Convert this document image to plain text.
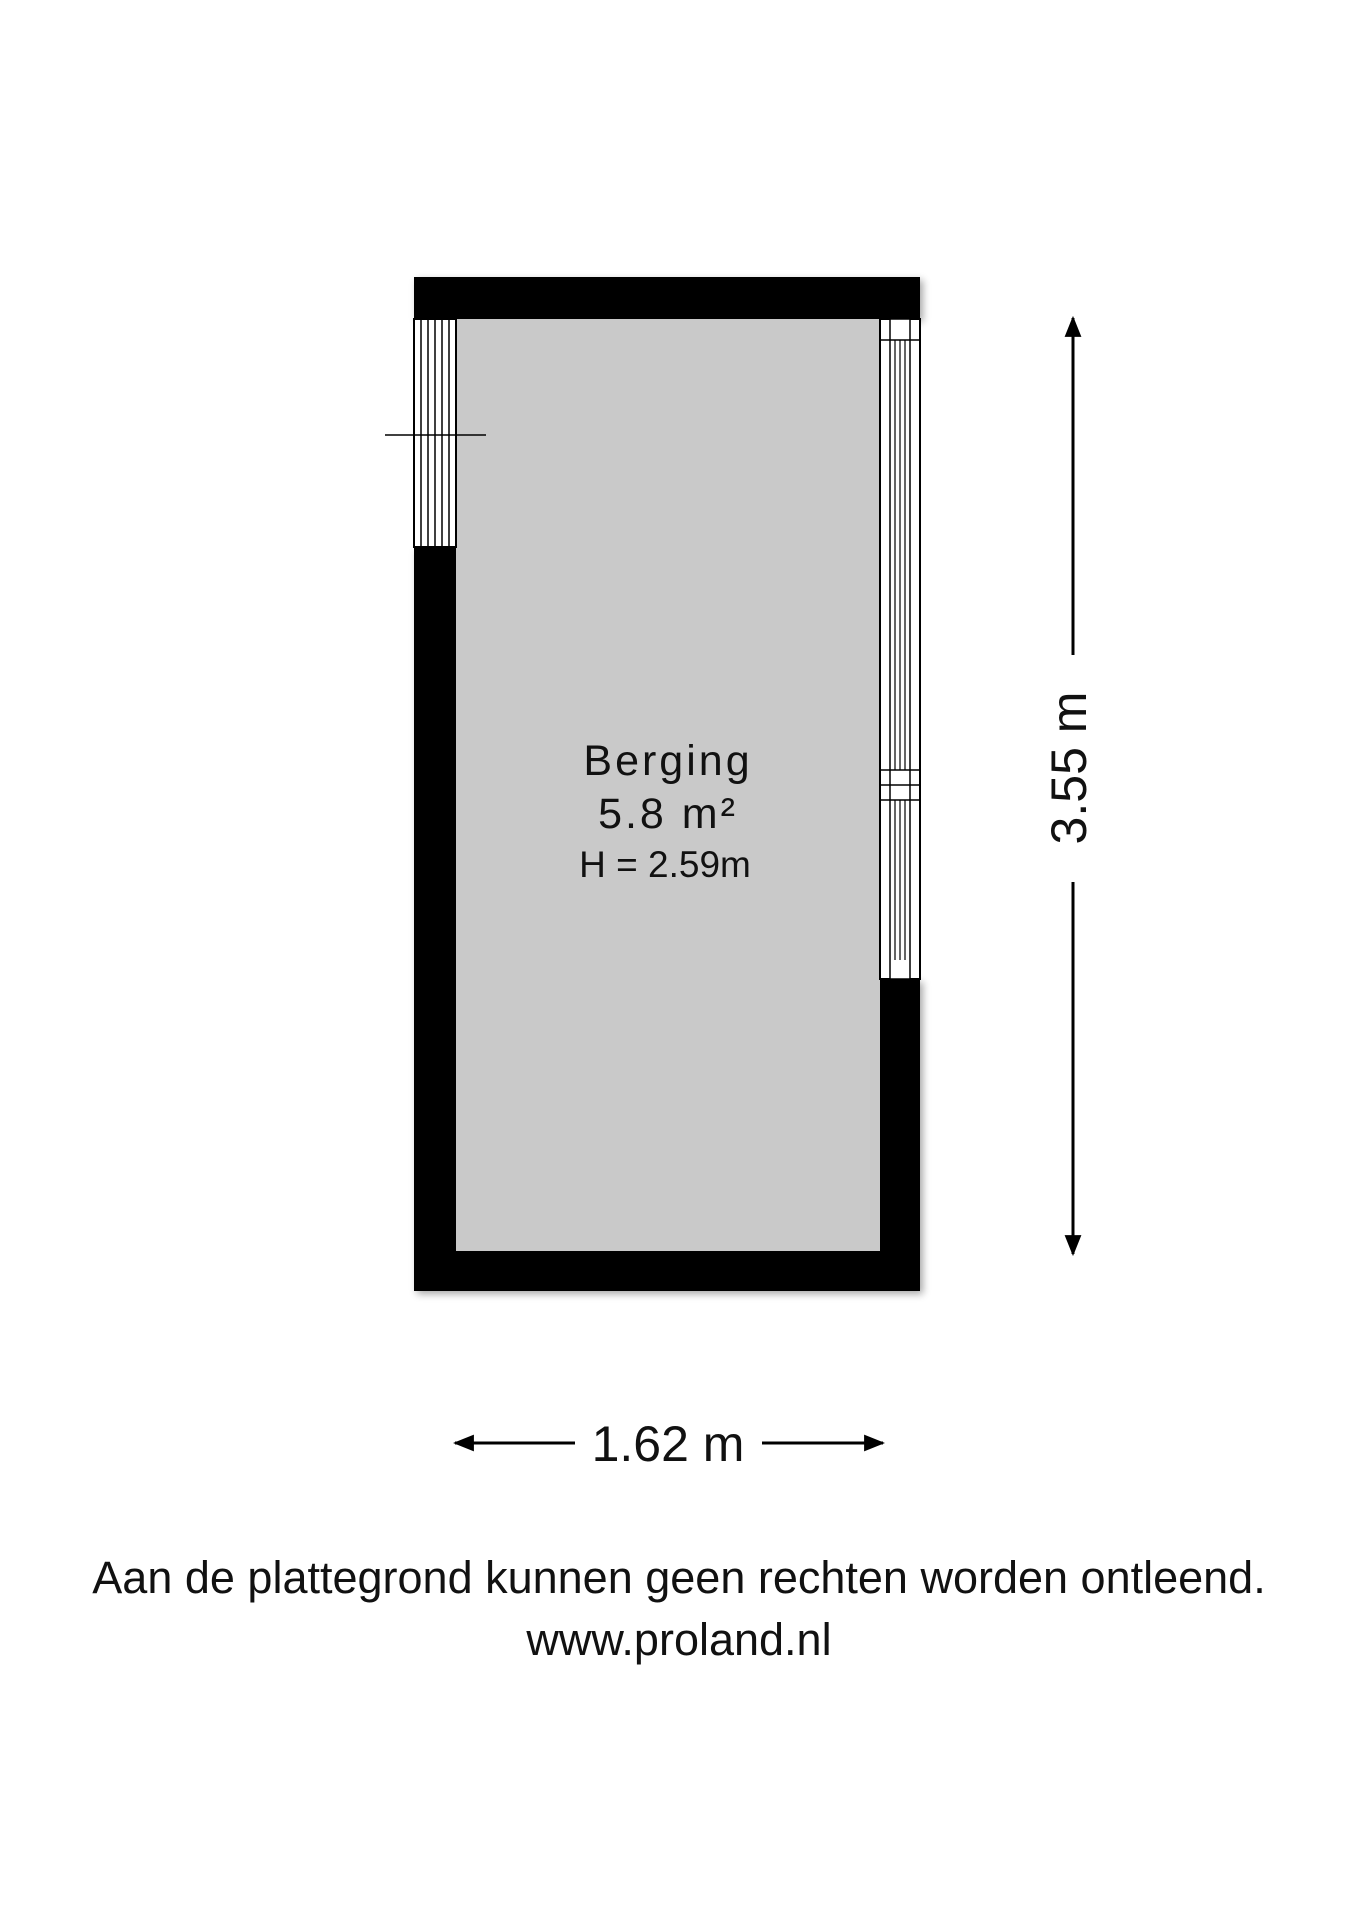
Berging
5.8 m²
H = 2.59m
3.55 m
1.62 m
Aan de plattegrond kunnen geen rechten worden ontleend.
www.proland.nl
